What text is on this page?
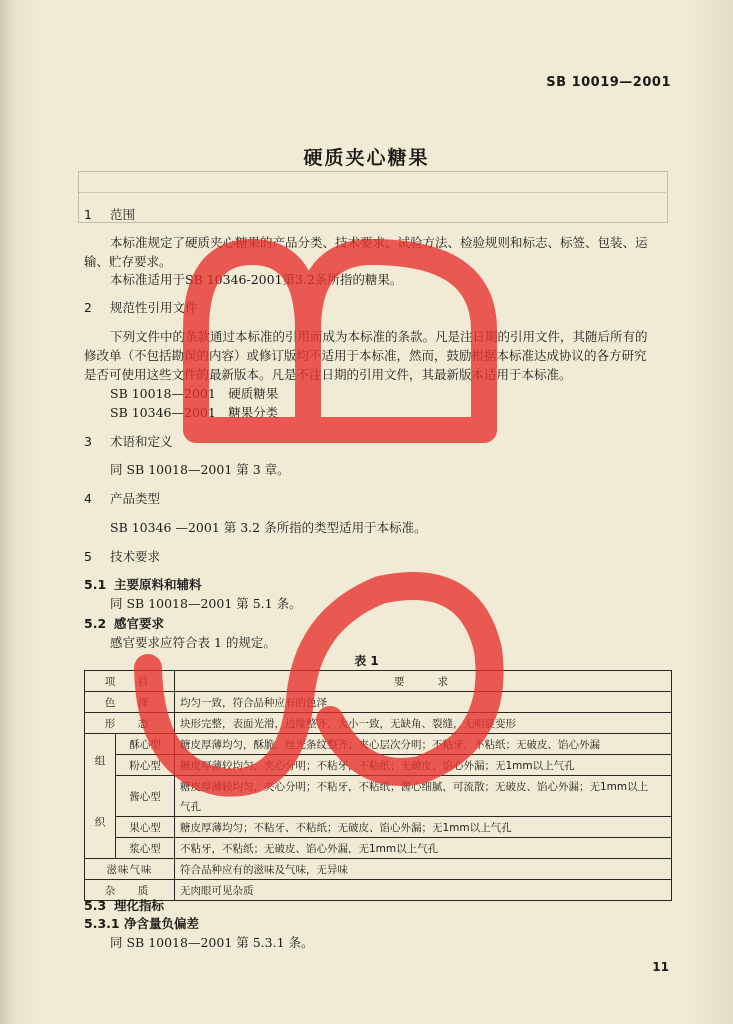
SB 10019—2001
硬质夹心糖果
1 范围
本标准规定了硬质夹心糖果的产品分类、技术要求、试验方法、检验规则和标志、标签、包装、运
输、贮存要求。
本标准适用于SB 10346-2001第3.2条所指的糖果。
2 规范性引用文件
下列文件中的条款通过本标准的引用而成为本标准的条款。凡是注日期的引用文件，其随后所有的
修改单（不包括勘误的内容）或修订版均不适用于本标准，然而，鼓励根据本标准达成协议的各方研究
是否可使用这些文件的最新版本。凡是不注日期的引用文件，其最新版本适用于本标准。
SB 10018—2001　硬质糖果
SB 10346—2001　糖果分类
3 术语和定义
同 SB 10018—2001 第 3 章。
4 产品类型
SB 10346 —2001 第 3.2 条所指的类型适用于本标准。
5 技术要求
5.1 主要原料和辅料
同 SB 10018—2001 第 5.1 条。
5.2 感官要求
感官要求应符合表 1 的规定。
表 1
项　目		要　　求
色　泽		均匀一致，符合品种应有的色泽
形　态		块形完整，表面光滑，边缘整齐，大小一致，无缺角、裂缝，无明显变形
组　　织	酥心型	糖皮厚薄均匀，酥脆，丝光条纹整齐；夹心层次分明；不粘牙，不粘纸；无破皮、馅心外漏
	粉心型	糖皮厚薄较均匀，夹心分明；不粘牙，不粘纸；无破皮、馅心外漏；无1mm以上气孔
	酱心型	糖皮厚薄较均匀，夹心分明；不粘牙，不粘纸；酱心细腻，可流散；无破皮、馅心外漏；无1mm以上
		气孔
	果心型	糖皮厚薄均匀；不粘牙、不粘纸；无破皮、馅心外漏；无1mm以上气孔
	浆心型	不粘牙，不粘纸；无破皮、馅心外漏，无1mm以上气孔
滋味气味		符合品种应有的滋味及气味，无异味
杂　质		无肉眼可见杂质
5.3 理化指标
5.3.1 净含量负偏差
同 SB 10018—2001 第 5.3.1 条。
11
